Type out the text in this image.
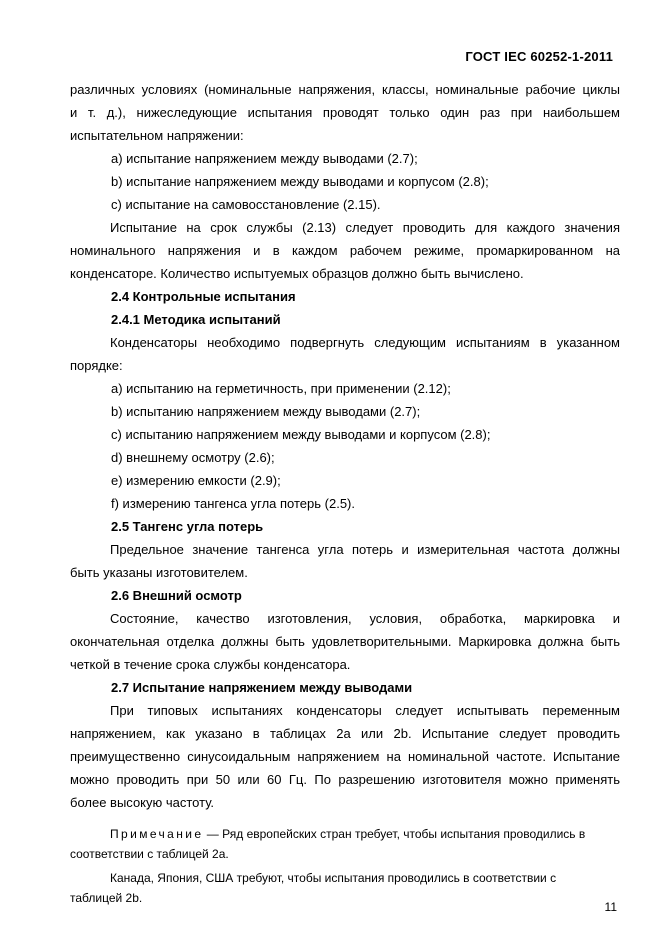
ГОСТ IEC 60252-1-2011

различных условиях (номинальные напряжения, классы, номинальные рабочие циклы

и т. д.), нижеследующие испытания проводят только один раз при наибольшем

испытательном напряжении:

a) испытание напряжением между выводами (2.7);

b) испытание напряжением между выводами и корпусом (2.8);

c) испытание на самовосстановление (2.15).

Испытание на срок службы (2.13) следует проводить для каждого значения

номинального напряжения и в каждом рабочем режиме, промаркированном на

конденсаторе. Количество испытуемых образцов должно быть вычислено.

2.4 Контрольные испытания

2.4.1 Методика испытаний

Конденсаторы необходимо подвергнуть следующим испытаниям в указанном

порядке:

a) испытанию на герметичность, при применении (2.12);

b) испытанию напряжением между выводами (2.7);

c) испытанию напряжением между выводами и корпусом (2.8);

d) внешнему осмотру (2.6);

e) измерению емкости (2.9);

f) измерению тангенса угла потерь (2.5).

2.5 Тангенс угла потерь

Предельное значение тангенса угла потерь и измерительная частота должны

быть указаны изготовителем.

2.6 Внешний осмотр

Состояние, качество изготовления, условия, обработка, маркировка и

окончательная отделка должны быть удовлетворительными. Маркировка должна быть

четкой в течение срока службы конденсатора.

2.7 Испытание напряжением между выводами

При типовых испытаниях конденсаторы следует испытывать переменным

напряжением, как указано в таблицах 2а или 2b. Испытание следует проводить

преимущественно синусоидальным напряжением на номинальной частоте. Испытание

можно проводить при 50 или 60 Гц. По разрешению изготовителя можно применять

более высокую частоту.

Примечание — Ряд европейских стран требует, чтобы испытания проводились в

соответствии с таблицей 2а.

Канада, Япония, США требуют, чтобы испытания проводились в соответствии с

таблицей 2b.

11
